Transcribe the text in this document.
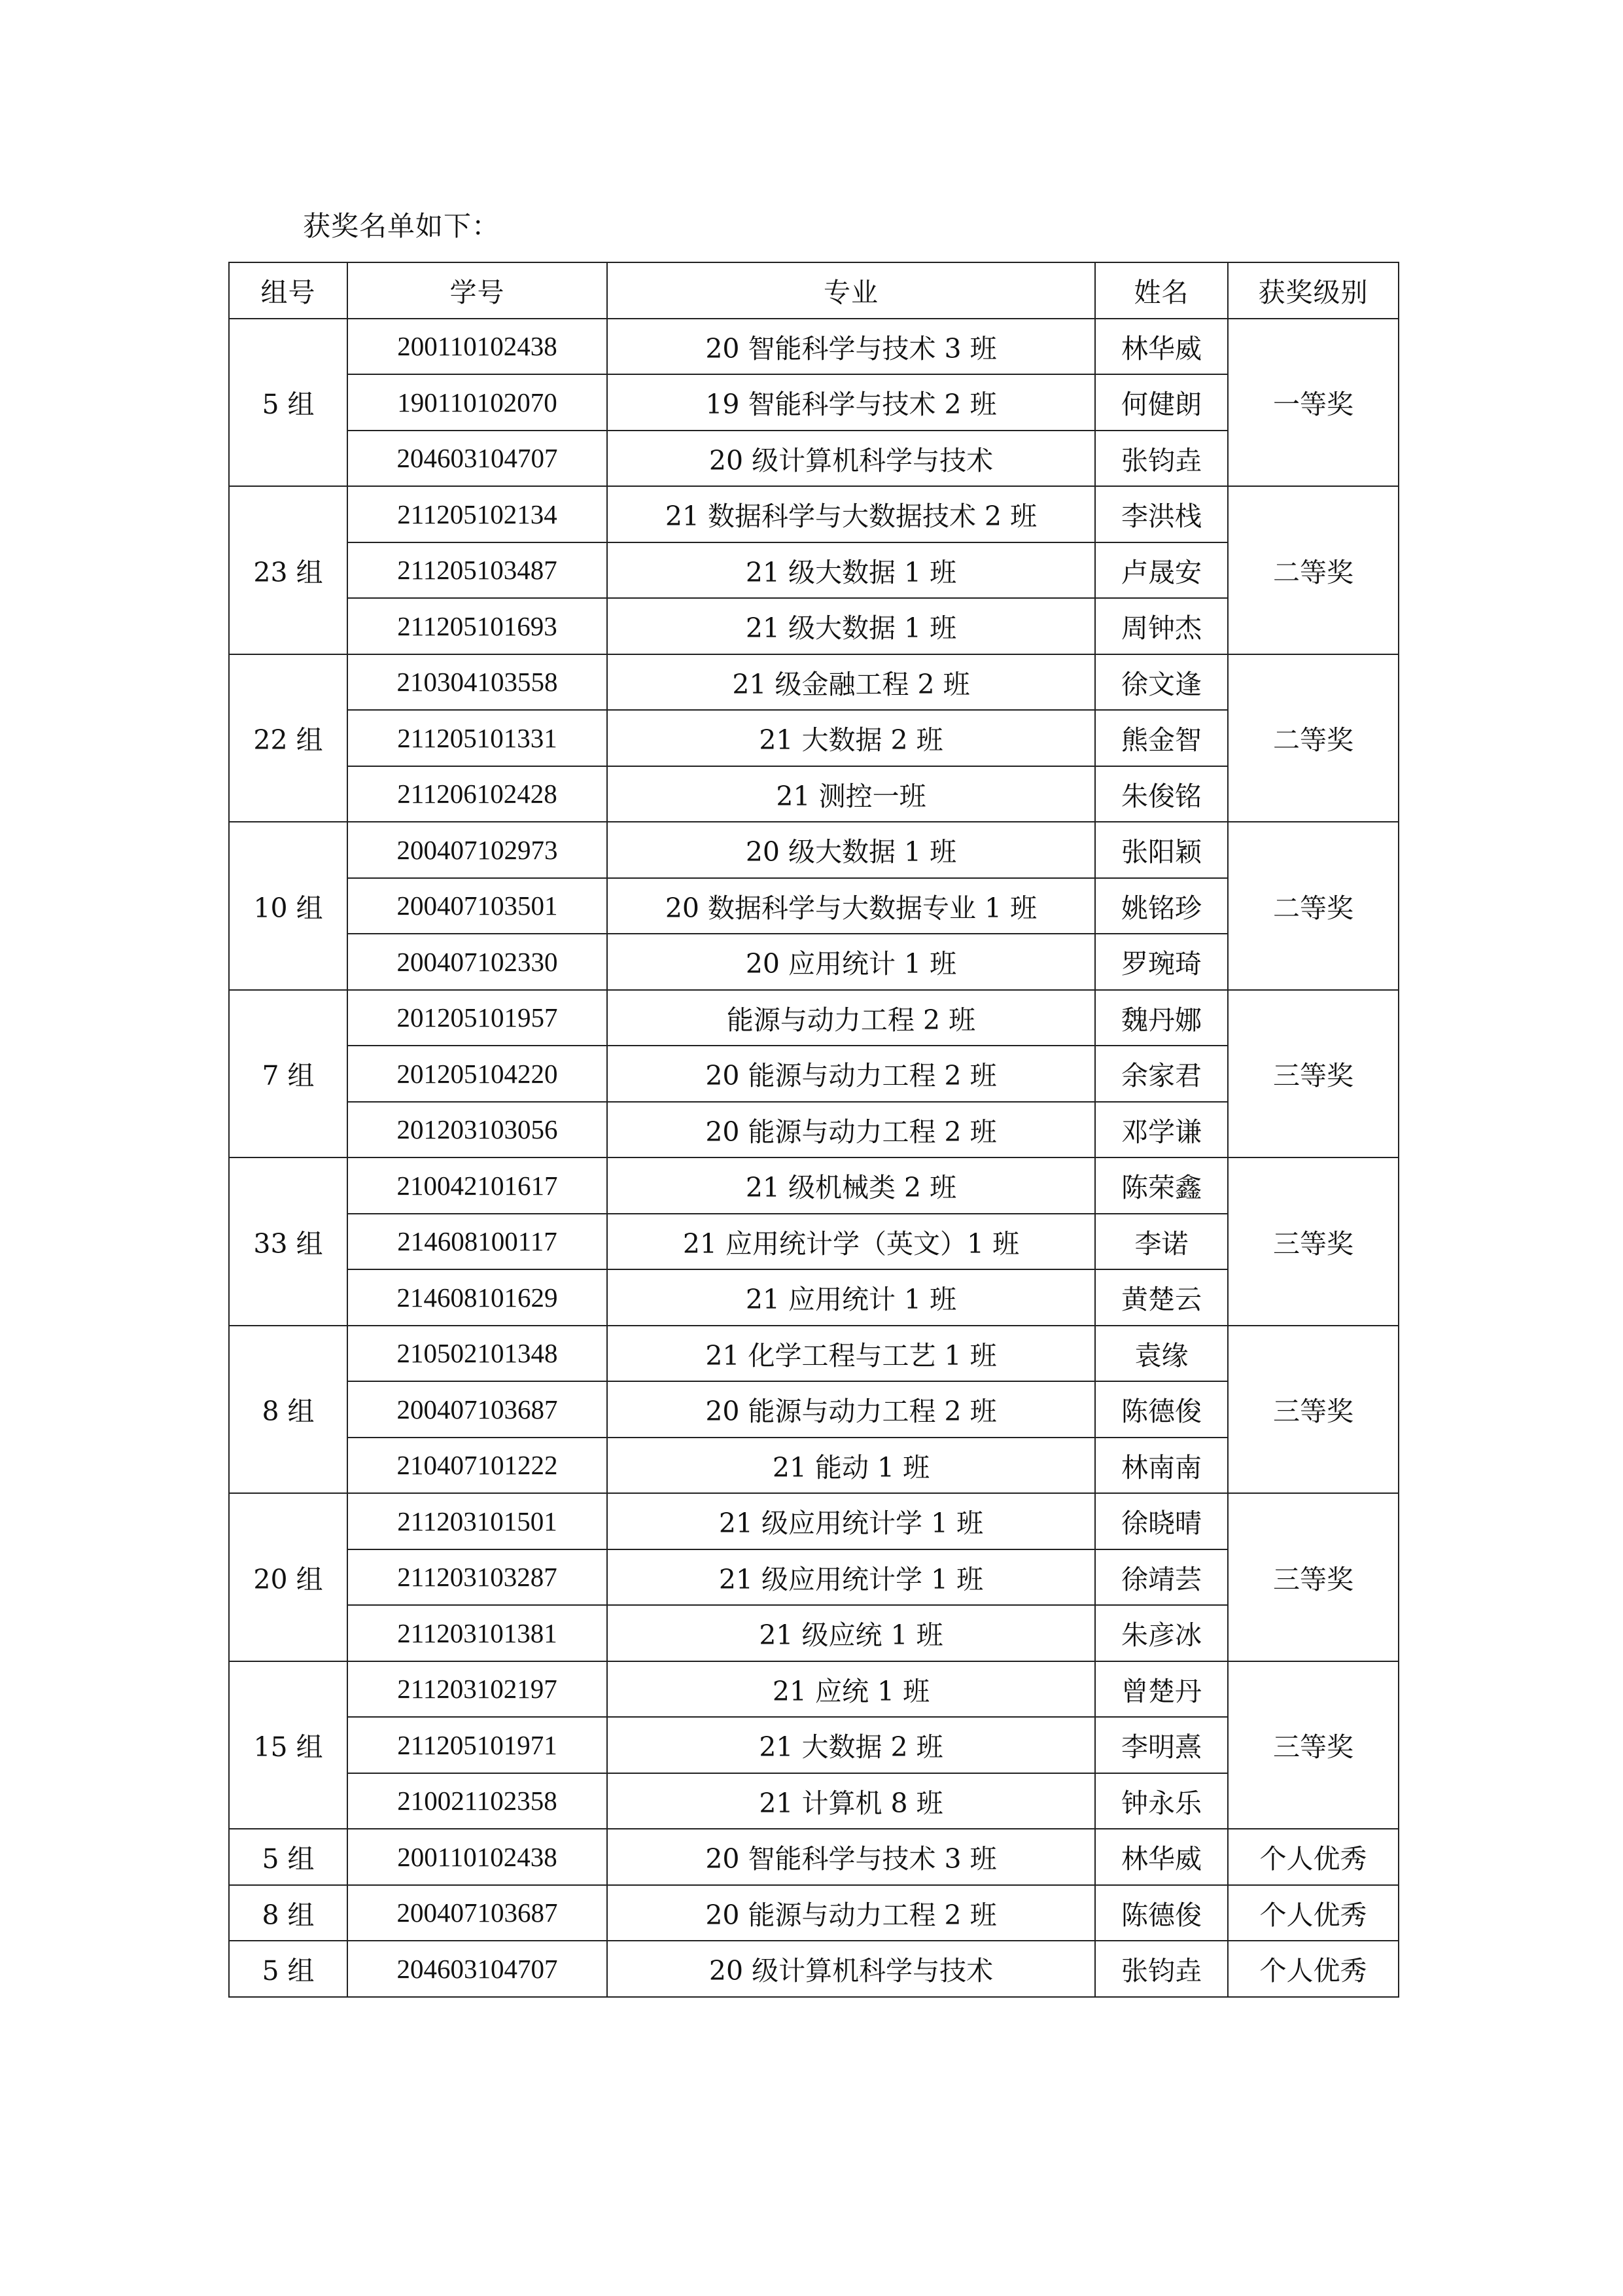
获奖名单如下：
组号	学号	专业	姓名	获奖级别
5 组	200110102438	20 智能科学与技术 3 班	林华威	一等奖
	190110102070	19 智能科学与技术 2 班	何健朗	
	204603104707	20 级计算机科学与技术	张钧垚	
23 组	211205102134	21 数据科学与大数据技术 2 班	李洪栈	二等奖
	211205103487	21 级大数据 1 班	卢晟安	
	211205101693	21 级大数据 1 班	周钟杰	
22 组	210304103558	21 级金融工程 2 班	徐文逢	二等奖
	211205101331	21 大数据 2 班	熊金智	
	211206102428	21 测控一班	朱俊铭	
10 组	200407102973	20 级大数据 1 班	张阳颖	二等奖
	200407103501	20 数据科学与大数据专业 1 班	姚铭珍	
	200407102330	20 应用统计 1 班	罗琬琦	
7 组	201205101957	能源与动力工程 2 班	魏丹娜	三等奖
	201205104220	20 能源与动力工程 2 班	余家君	
	201203103056	20 能源与动力工程 2 班	邓学谦	
33 组	210042101617	21 级机械类 2 班	陈荣鑫	三等奖
	214608100117	21 应用统计学（英文）1 班	李诺	
	214608101629	21 应用统计 1 班	黄楚云	
8 组	210502101348	21 化学工程与工艺 1 班	袁缘	三等奖
	200407103687	20 能源与动力工程 2 班	陈德俊	
	210407101222	21 能动 1 班	林南南	
20 组	211203101501	21 级应用统计学 1 班	徐晓晴	三等奖
	211203103287	21 级应用统计学 1 班	徐靖芸	
	211203101381	21 级应统 1 班	朱彦冰	
15 组	211203102197	21 应统 1 班	曾楚丹	三等奖
	211205101971	21 大数据 2 班	李明熹	
	210021102358	21 计算机 8 班	钟永乐	
5 组	200110102438	20 智能科学与技术 3 班	林华威	个人优秀
8 组	200407103687	20 能源与动力工程 2 班	陈德俊	个人优秀
5 组	204603104707	20 级计算机科学与技术	张钧垚	个人优秀
